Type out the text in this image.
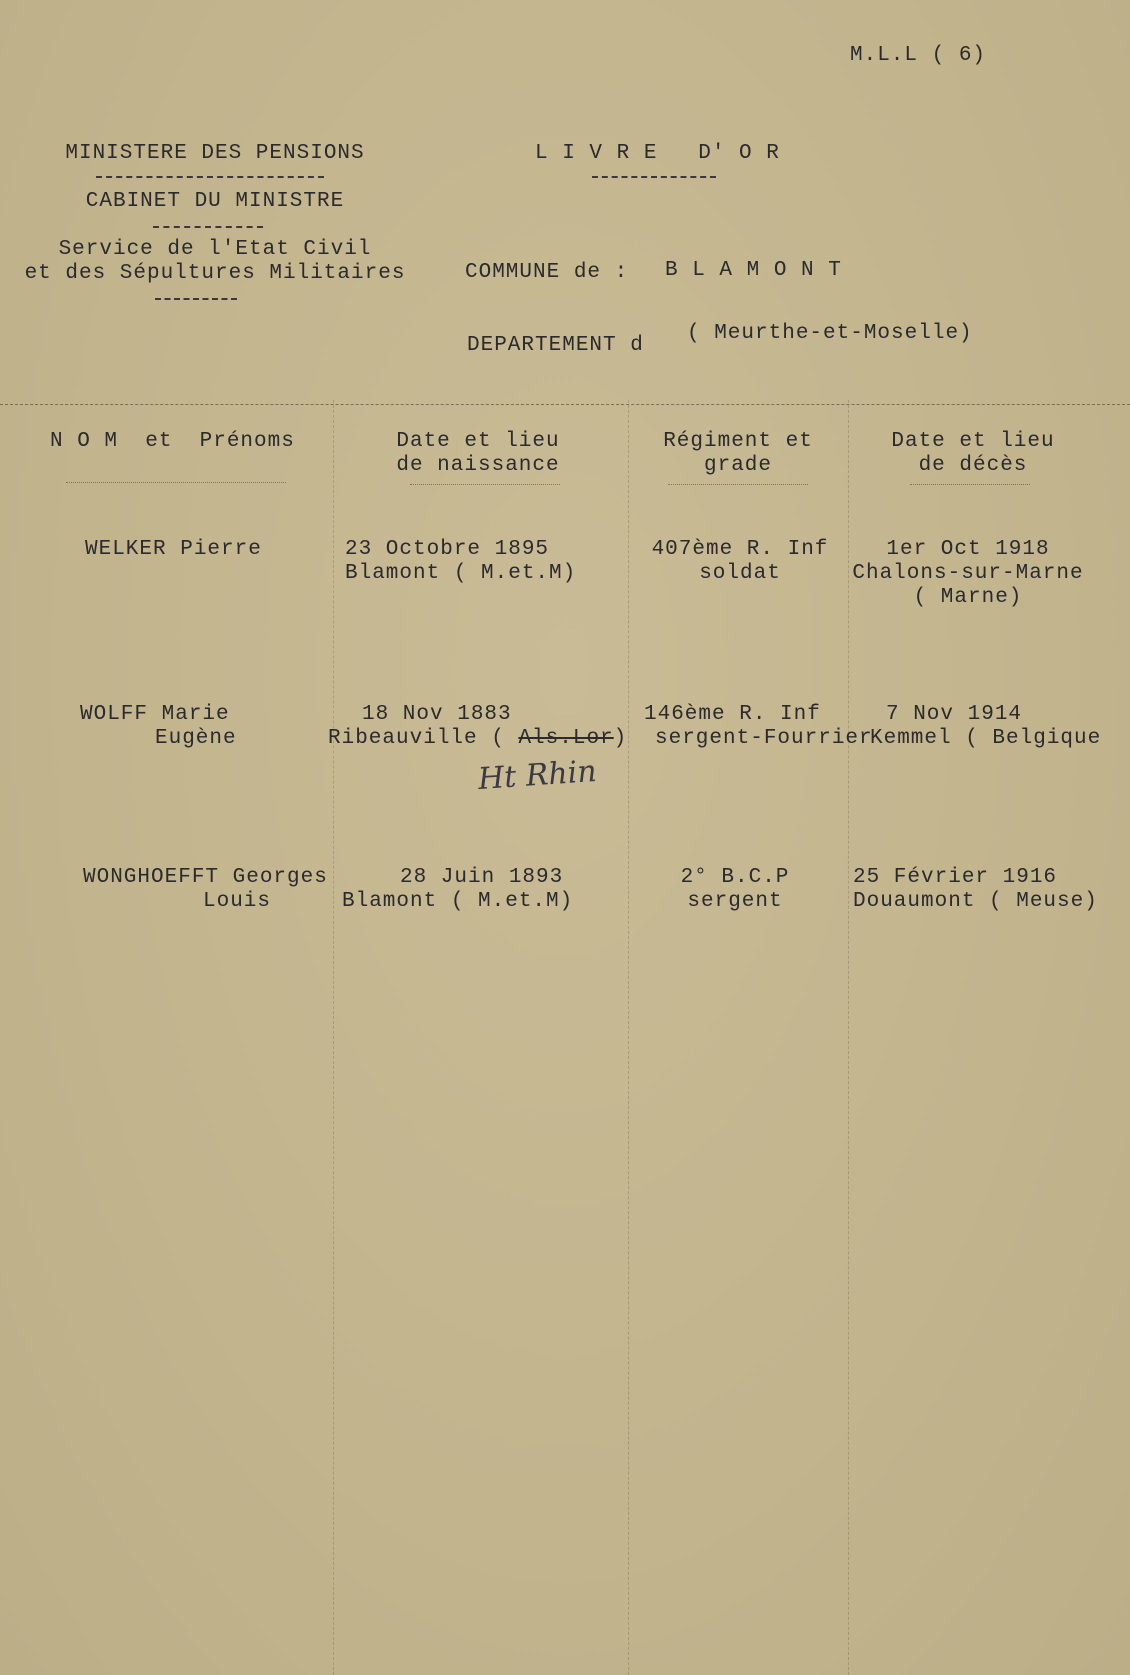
M.L.L ( 6)
MINISTERE DES PENSIONS
CABINET DU MINISTRE
Service de l'Etat Civil
et des Sépultures Militaires
L I V R E   D' O R
COMMUNE de : B L A M O N T
DEPARTEMENT d
( Meurthe-et-Moselle)
N O M  et  Prénoms	Date et lieu
de naissance
Régiment et
grade
Date et lieu
de décès
WELKER Pierre	23 Octobre 1895
Blamont ( M.et.M)
407ème R. Inf
soldat
1er Oct 1918
Chalons-sur-Marne
( Marne)
WOLFF Marie
Eugène
18 Nov 1883
Ribeauville ( Als.Lor)
Ht Rhin
146ème R. Inf
sergent-Fourrier
7 Nov 1914
Kemmel ( Belgique
WONGHOEFFT Georges
Louis
28 Juin 1893
Blamont ( M.et.M)
2° B.C.P
sergent
25 Février 1916
Douaumont ( Meuse)
